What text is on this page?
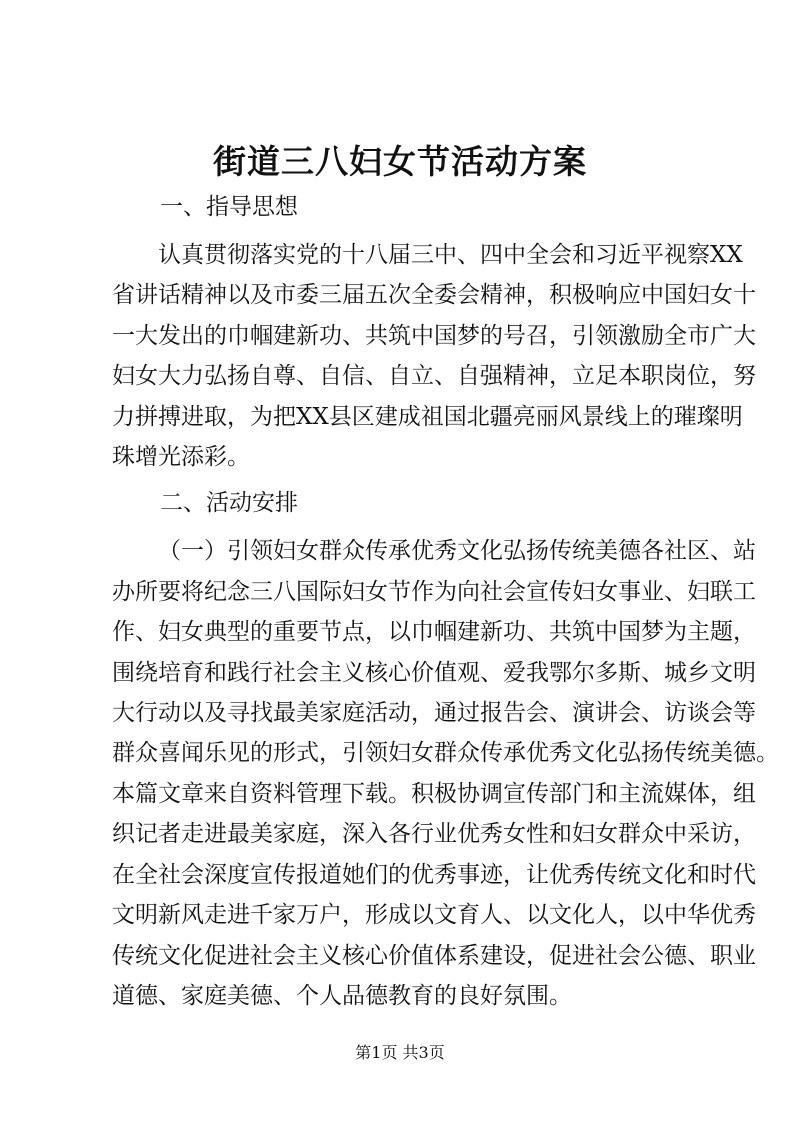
街道三八妇女节活动方案

一、指导思想

认真贯彻落实党的十八届三中、四中全会和习近平视察XX
省讲话精神以及市委三届五次全委会精神，积极响应中国妇女十
一大发出的巾帼建新功、共筑中国梦的号召，引领激励全市广大
妇女大力弘扬自尊、自信、自立、自强精神，立足本职岗位，努
力拼搏进取，为把XX县区建成祖国北疆亮丽风景线上的璀璨明
珠增光添彩。

二、活动安排

（一）引领妇女群众传承优秀文化弘扬传统美德各社区、站
办所要将纪念三八国际妇女节作为向社会宣传妇女事业、妇联工
作、妇女典型的重要节点，以巾帼建新功、共筑中国梦为主题，
围绕培育和践行社会主义核心价值观、爱我鄂尔多斯、城乡文明
大行动以及寻找最美家庭活动，通过报告会、演讲会、访谈会等
群众喜闻乐见的形式，引领妇女群众传承优秀文化弘扬传统美德。
本篇文章来自资料管理下载。积极协调宣传部门和主流媒体，组
织记者走进最美家庭，深入各行业优秀女性和妇女群众中采访，
在全社会深度宣传报道她们的优秀事迹，让优秀传统文化和时代
文明新风走进千家万户，形成以文育人、以文化人，以中华优秀
传统文化促进社会主义核心价值体系建设，促进社会公德、职业
道德、家庭美德、个人品德教育的良好氛围。
第1页 共3页
